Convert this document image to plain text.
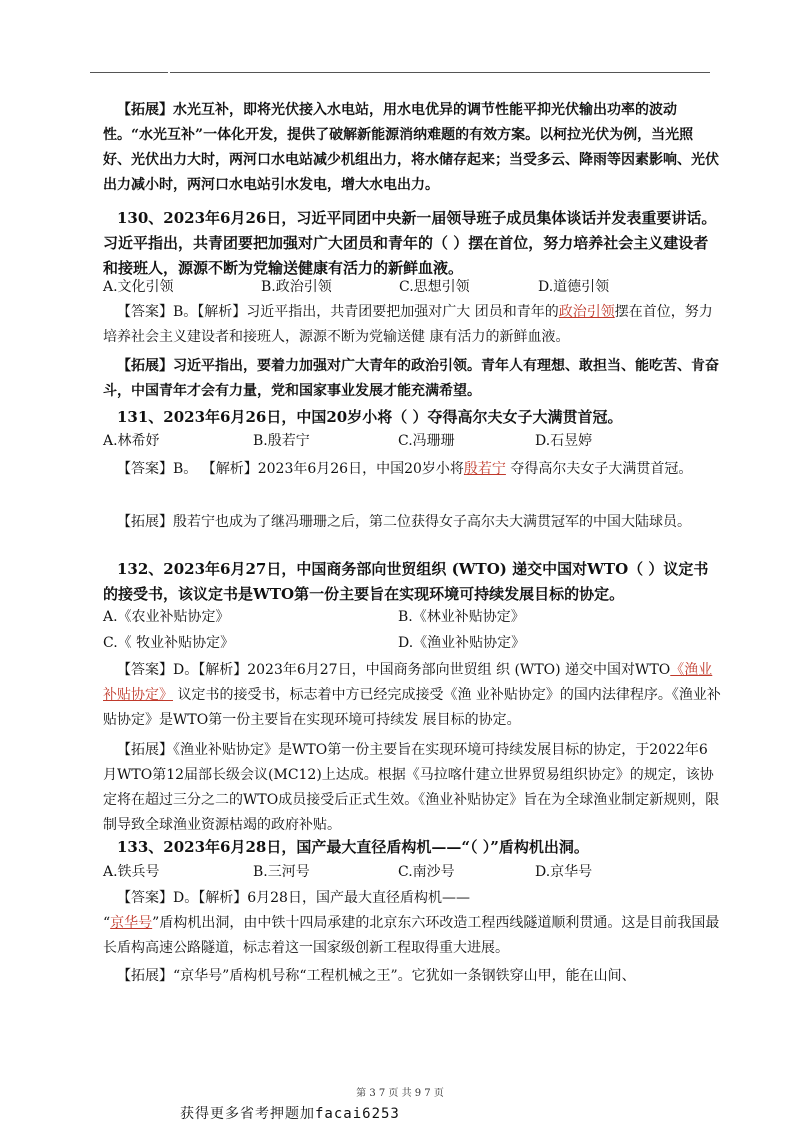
【拓展】水光互补，即将光伏接入水电站，用水电优异的调节性能平抑光伏输出功率的波动性。“水光互补”一体化开发，提供了破解新能源消纳难题的有效方案。以柯拉光伏为例，当光照好、光伏出力大时，两河口水电站减少机组出力，将水储存起来；当受多云、降雨等因素影响、光伏出力减小时，两河口水电站引水发电，增大水电出力。
130、2023年6月26日，习近平同团中央新一届领导班子成员集体谈话并发表重要讲话。习近平指出，共青团要把加强对广大团员和青年的（ ）摆在首位，努力培养社会主义建设者和接班人，源源不断为党输送健康有活力的新鲜血液。
A.文化引领	B.政治引领	C.思想引领	D.道德引领
【答案】B。【解析】习近平指出，共青团要把加强对广大 团员和青年的政治引领摆在首位，努力培养社会主义建设者和接班人，源源不断为党输送健 康有活力的新鲜血液。
【拓展】习近平指出，要着力加强对广大青年的政治引领。青年人有理想、敢担当、能吃苦、肯奋斗，中国青年才会有力量，党和国家事业发展才能充满希望。
131、2023年6月26日，中国20岁小将（ ）夺得高尔夫女子大满贯首冠。
A.林希妤	B.殷若宁	C.冯珊珊	D.石昱婷
【答案】B。 【解析】2023年6月26日，中国20岁小将殷若宁 夺得高尔夫女子大满贯首冠。
【拓展】殷若宁也成为了继冯珊珊之后，第二位获得女子高尔夫大满贯冠军的中国大陆球员。
132、2023年6月27日，中国商务部向世贸组织 (WTO) 递交中国对WTO（ ）议定书的接受书，该议定书是WTO第一份主要旨在实现环境可持续发展目标的协定。
A.《农业补贴协定》	B.《林业补贴协定》
C.《 牧业补贴协定》	D.《渔业补贴协定》
【答案】D。【解析】2023年6月27日，中国商务部向世贸组 织 (WTO) 递交中国对WTO《渔业补贴协定》 议定书的接受书，标志着中方已经完成接受《渔 业补贴协定》的国内法律程序。《渔业补贴协定》是WTO第一份主要旨在实现环境可持续发 展目标的协定。
【拓展】《渔业补贴协定》是WTO第一份主要旨在实现环境可持续发展目标的协定，于2022年6月WTO第12届部长级会议(MC12)上达成。根据《马拉喀什建立世界贸易组织协定》的规定，该协定将在超过三分之二的WTO成员接受后正式生效。《渔业补贴协定》旨在为全球渔业制定新规则，限制导致全球渔业资源枯竭的政府补贴。
133、2023年6月28日，国产最大直径盾构机——“（ ）”盾构机出洞。
A.铁兵号	B.三河号	C.南沙号	D.京华号
【答案】D。【解析】6月28日，国产最大直径盾构机——
“京华号”盾构机出洞，由中铁十四局承建的北京东六环改造工程西线隧道顺利贯通。这是目前我国最长盾构高速公路隧道，标志着这一国家级创新工程取得重大进展。
【拓展】“京华号”盾构机号称“工程机械之王”。它犹如一条钢铁穿山甲，能在山间、
第 3 7 页 共 9 7 页
获得更多省考押题加facai6253
